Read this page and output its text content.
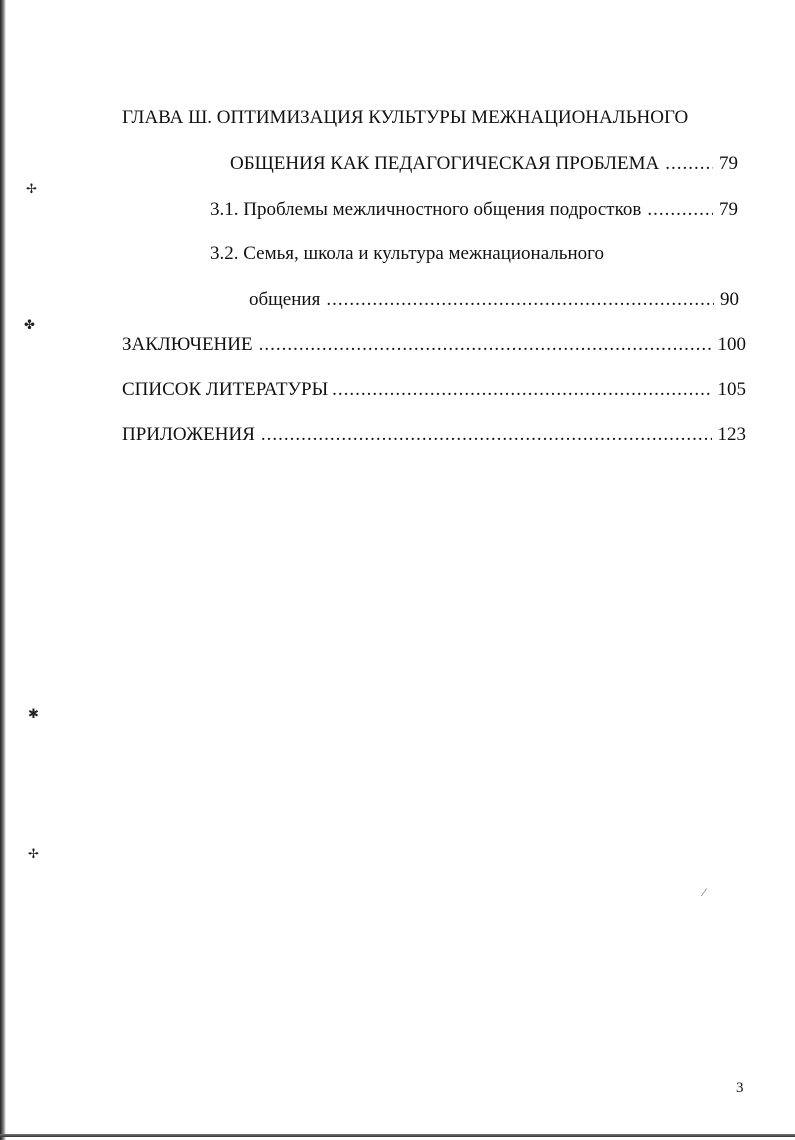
✢
✤
✱
✢
⁄
ГЛАВА Ш. ОПТИМИЗАЦИЯ КУЛЬТУРЫ МЕЖНАЦИОНАЛЬНОГО
ОБЩЕНИЯ КАК ПЕДАГОГИЧЕСКАЯ ПРОБЛЕМА .....	79
3.1. Проблемы межличностного общения подростков .....	79
3.2. Семья, школа и культура межнационального
общения .....	90
ЗАКЛЮЧЕНИЕ .....	100
СПИСОК ЛИТЕРАТУРЫ .....	105
ПРИЛОЖЕНИЯ .....	123
3
